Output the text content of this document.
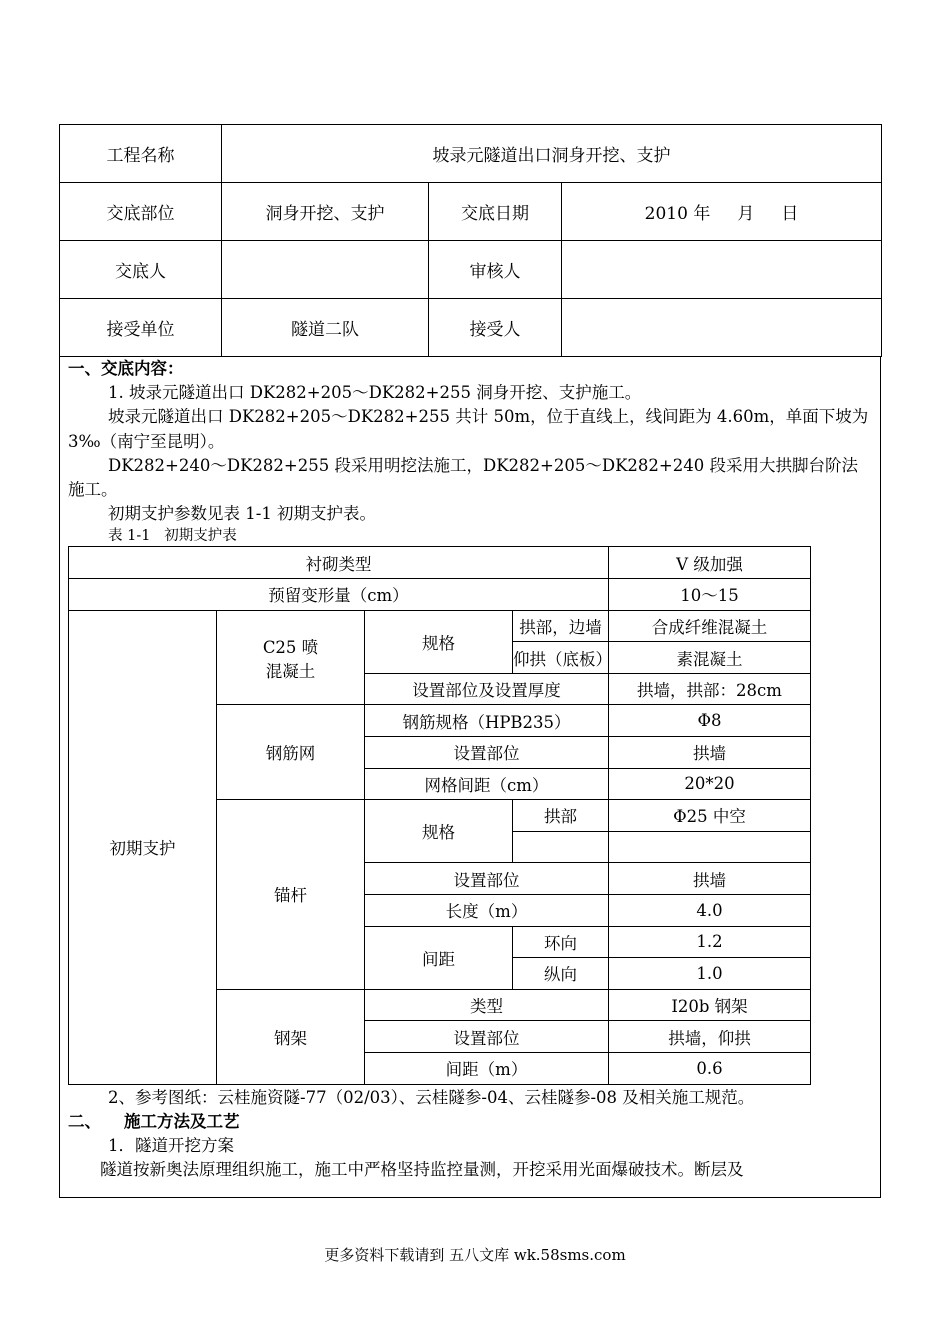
工程名称	坡录元隧道出口洞身开挖、支护		
交底部位	洞身开挖、支护	交底日期	2010 年     月     日
交底人		审核人	
接受单位	隧道二队	接受人	

一、交底内容：

1. 坡录元隧道出口 DK282+205～DK282+255 洞身开挖、支护施工。

坡录元隧道出口 DK282+205～DK282+255 共计 50m，位于直线上，线间距为 4.60m，单面下坡为 3‰（南宁至昆明）。

DK282+240～DK282+255 段采用明挖法施工，DK282+205～DK282+240 段采用大拱脚台阶法施工。

初期支护参数见表 1-1 初期支护表。

表 1-1   初期支护表

衬砌类型				V 级加强
预留变形量（cm）				10～15
初期支护	C25 喷混凝土	规格	拱部，边墙	合成纤维混凝土
			仰拱（底板）	素混凝土
		设置部位及设置厚度		拱墙，拱部：28cm
	钢筋网	钢筋规格（HPB235）		Φ8
		设置部位		拱墙
		网格间距（cm）		20*20
	锚杆	规格	拱部	Φ25 中空

		设置部位		拱墙
		长度（m）		4.0
		间距	环向	1.2
			纵向	1.0
	钢架	类型		I20b 钢架
		设置部位		拱墙，仰拱
		间距（m）		0.6

2、参考图纸：云桂施资隧-77（02/03）、云桂隧参-04、云桂隧参-08 及相关施工规范。

二、    施工方法及工艺

1．隧道开挖方案

隧道按新奥法原理组织施工，施工中严格坚持监控量测，开挖采用光面爆破技术。断层及

更多资料下载请到 五八文库 wk.58sms.com
